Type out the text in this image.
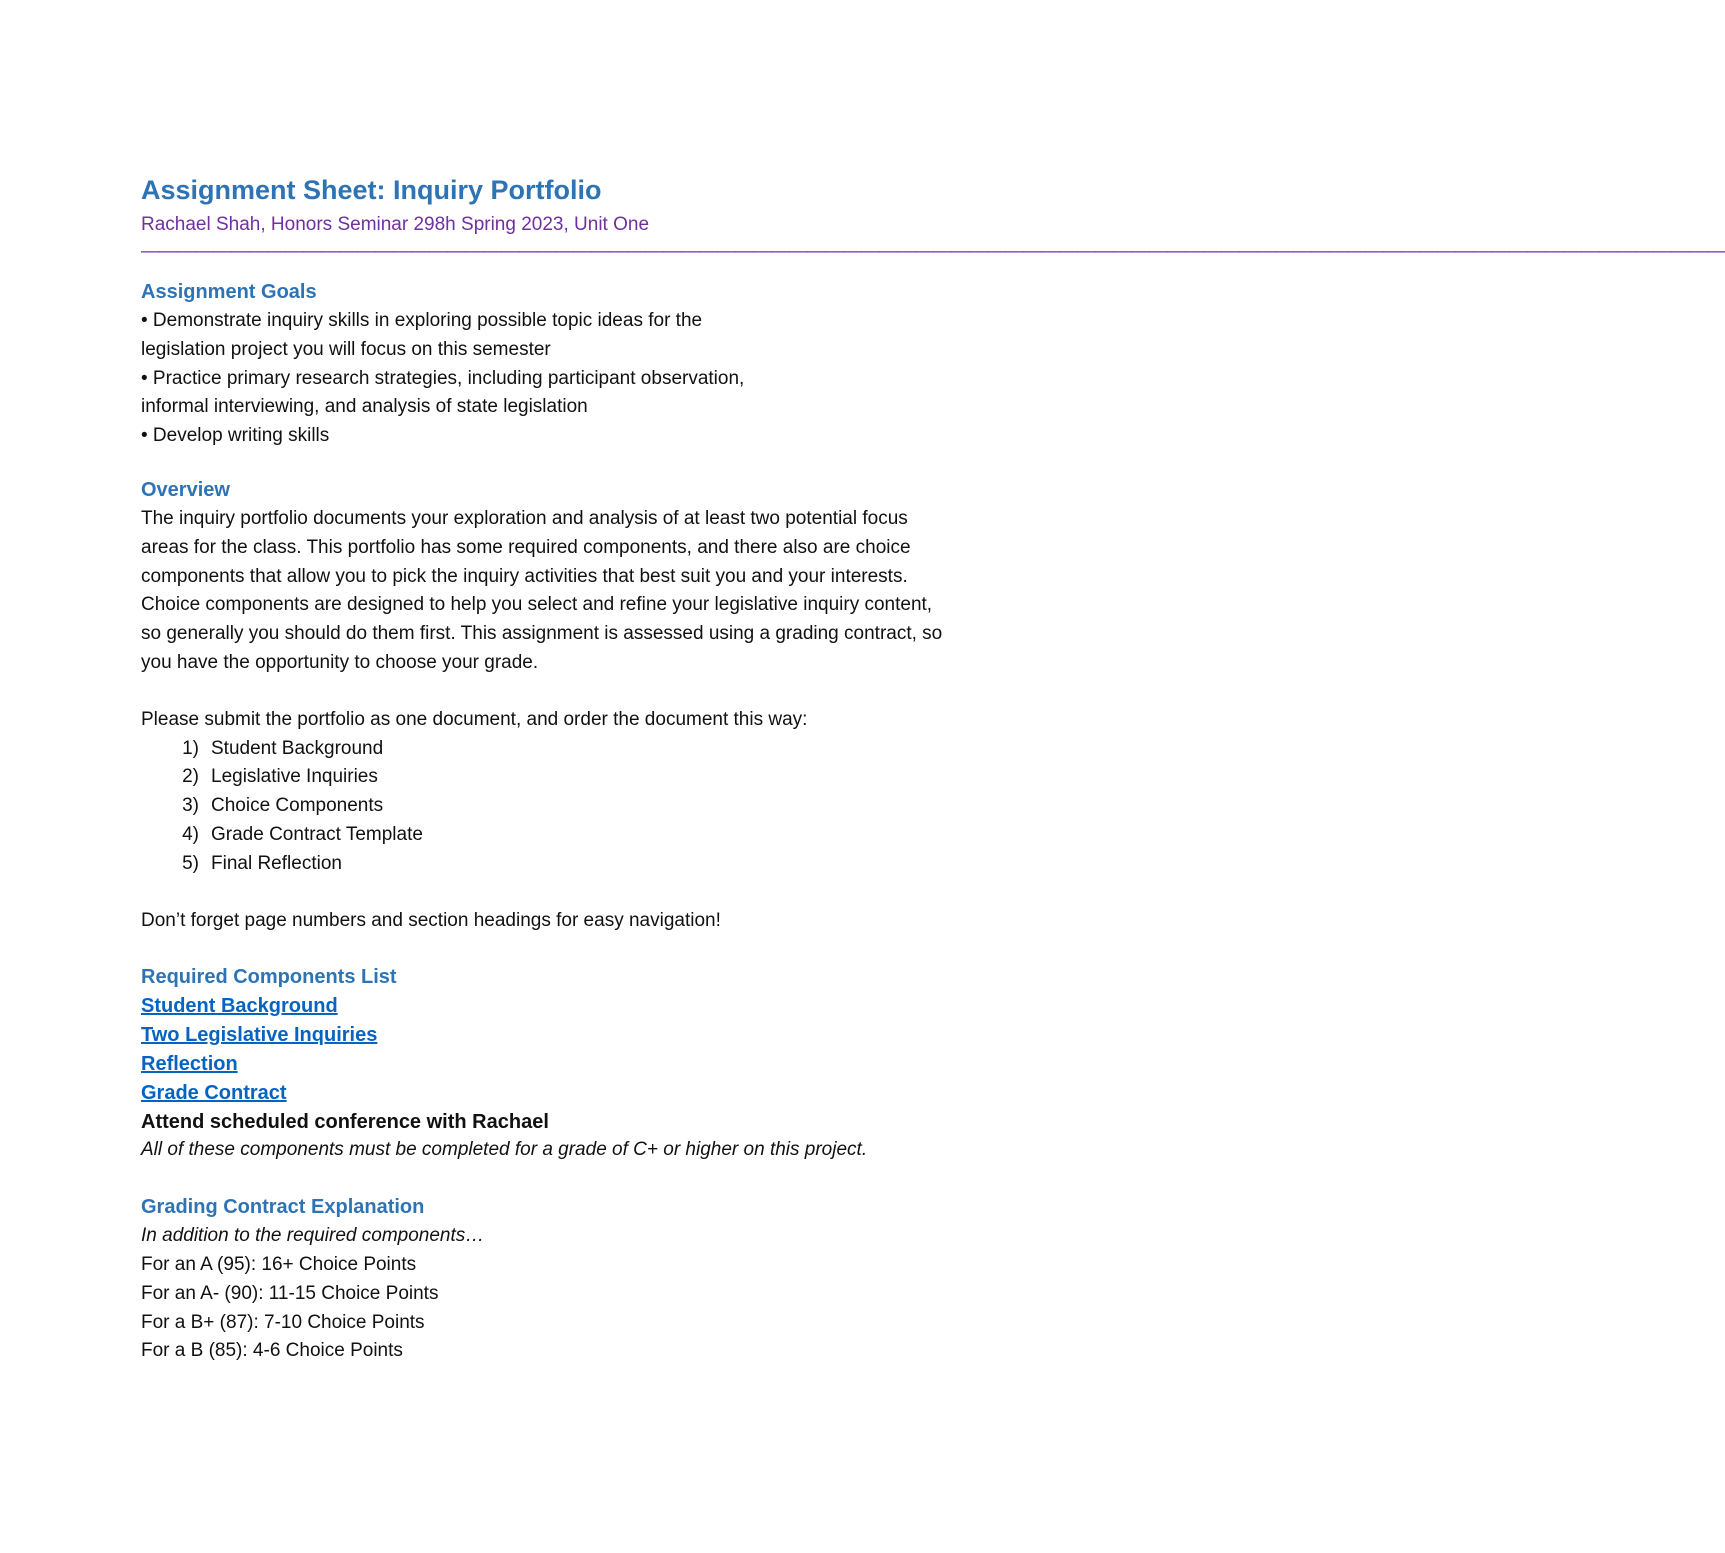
Assignment Sheet: Inquiry Portfolio

Rachael Shah, Honors Seminar 298h Spring 2023, Unit One

————————————————————————————————————————————————————————————————————————————————————————
Assignment Goals

• Demonstrate inquiry skills in exploring possible topic ideas for the

legislation project you will focus on this semester

• Practice primary research strategies, including participant observation,

informal interviewing, and analysis of state legislation

• Develop writing skills

Overview

The inquiry portfolio documents your exploration and analysis of at least two potential focus

areas for the class. This portfolio has some required components, and there also are choice

components that allow you to pick the inquiry activities that best suit you and your interests.

Choice components are designed to help you select and refine your legislative inquiry content,

so generally you should do them first. This assignment is assessed using a grading contract, so

you have the opportunity to choose your grade.

Please submit the portfolio as one document, and order the document this way:

1) Student Background
2) Legislative Inquiries
3) Choice Components
4) Grade Contract Template
5) Final Reflection

Don’t forget page numbers and section headings for easy navigation!

Required Components List
Student Background
Two Legislative Inquiries
Reflection
Grade Contract

Attend scheduled conference with Rachael

All of these components must be completed for a grade of C+ or higher on this project.

Grading Contract Explanation

In addition to the required components…

For an A (95): 16+ Choice Points

For an A- (90): 11-15 Choice Points

For a B+ (87): 7-10 Choice Points

For a B (85): 4-6 Choice Points
